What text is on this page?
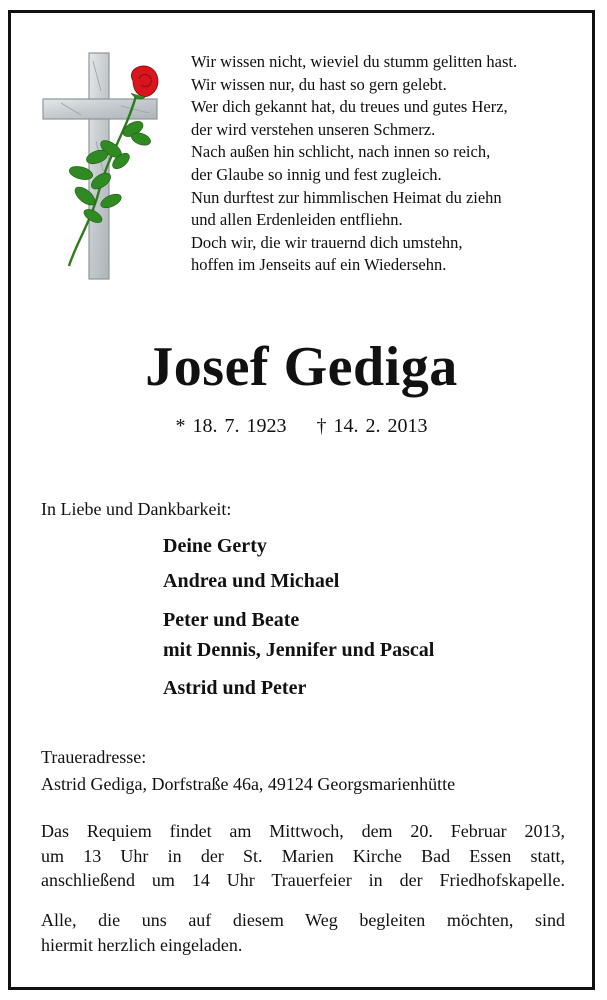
Wir wissen nicht, wieviel du stumm gelitten hast.
Wir wissen nur, du hast so gern gelebt.
Wer dich gekannt hat, du treues und gutes Herz,
der wird verstehen unseren Schmerz.
Nach außen hin schlicht, nach innen so reich,
der Glaube so innig und fest zugleich.
Nun durftest zur himmlischen Heimat du ziehn
und allen Erdenleiden entfliehn.
Doch wir, die wir trauernd dich umstehn,
hoffen im Jenseits auf ein Wiedersehn.
Josef Gediga
* 18. 7. 1923 † 14. 2. 2013
In Liebe und Dankbarkeit:
Deine Gerty
Andrea und Michael
Peter und Beate
mit Dennis, Jennifer und Pascal
Astrid und Peter
Traueradresse:
Astrid Gediga, Dorfstraße 46a, 49124 Georgsmarienhütte
Das Requiem findet am Mittwoch, dem 20. Februar 2013,
um 13 Uhr in der St. Marien Kirche Bad Essen statt,
anschließend um 14 Uhr Trauerfeier in der Friedhofskapelle.
Alle, die uns auf diesem Weg begleiten möchten, sind
hiermit herzlich eingeladen.
